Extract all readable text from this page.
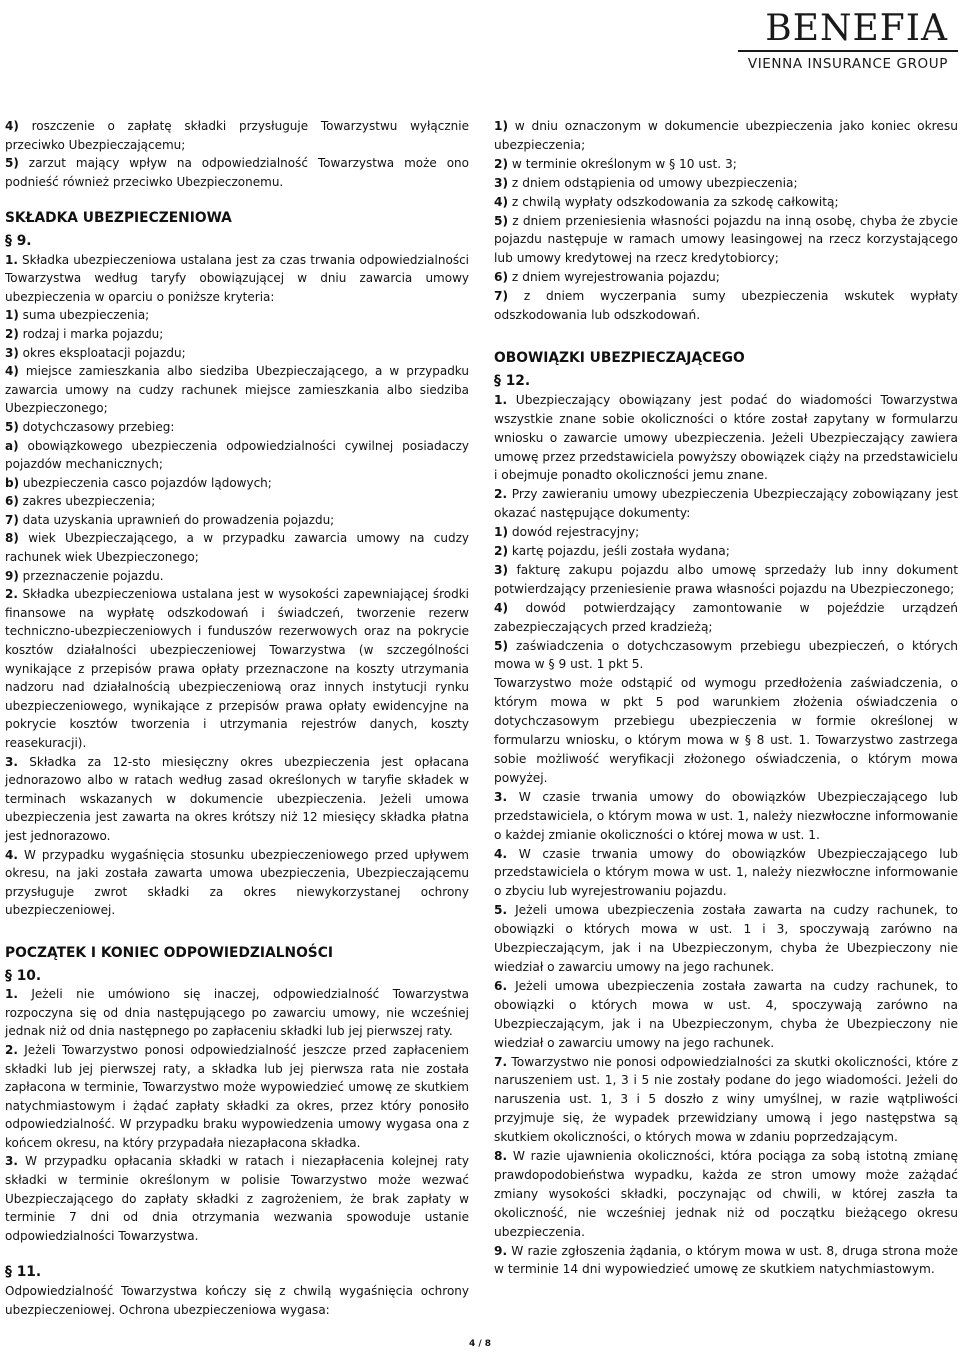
BENEFIA
VIENNA INSURANCE GROUP

4) roszczenie o zapłatę składki przysługuje Towarzystwu wyłącznie przeciwko Ubezpieczającemu;

5) zarzut mający wpływ na odpowiedzialność Towarzystwa może ono podnieść również przeciwko Ubezpieczonemu.

SKŁADKA UBEZPIECZENIOWA

§ 9.

1. Składka ubezpieczeniowa ustalana jest za czas trwania odpowiedzialności Towarzystwa według taryfy obowiązującej w dniu zawarcia umowy ubezpieczenia w oparciu o poniższe kryteria:

1) suma ubezpieczenia;

2) rodzaj i marka pojazdu;

3) okres eksploatacji pojazdu;

4) miejsce zamieszkania albo siedziba Ubezpieczającego, a w przypadku zawarcia umowy na cudzy rachunek miejsce zamieszkania albo siedziba Ubezpieczonego;

5) dotychczasowy przebieg:

a) obowiązkowego ubezpieczenia odpowiedzialności cywilnej posiadaczy pojazdów mechanicznych;

b) ubezpieczenia casco pojazdów lądowych;

6) zakres ubezpieczenia;

7) data uzyskania uprawnień do prowadzenia pojazdu;

8) wiek Ubezpieczającego, a w przypadku zawarcia umowy na cudzy rachunek wiek Ubezpieczonego;

9) przeznaczenie pojazdu.

2. Składka ubezpieczeniowa ustalana jest w wysokości zapewniającej środki finansowe na wypłatę odszkodowań i świadczeń, tworzenie rezerw techniczno-ubezpieczeniowych i funduszów rezerwowych oraz na pokrycie kosztów działalności ubezpieczeniowej Towarzystwa (w szczególności wynikające z przepisów prawa opłaty przeznaczone na koszty utrzymania nadzoru nad działalnością ubezpieczeniową oraz innych instytucji rynku ubezpieczeniowego, wynikające z przepisów prawa opłaty ewidencyjne na pokrycie kosztów tworzenia i utrzymania rejestrów danych, koszty reasekuracji).

3. Składka za 12-sto miesięczny okres ubezpieczenia jest opłacana jednorazowo albo w ratach według zasad określonych w taryfie składek w terminach wskazanych w dokumencie ubezpieczenia. Jeżeli umowa ubezpieczenia jest zawarta na okres krótszy niż 12 miesięcy składka płatna jest jednorazowo.

4. W przypadku wygaśnięcia stosunku ubezpieczeniowego przed upływem okresu, na jaki została zawarta umowa ubezpieczenia, Ubezpieczającemu przysługuje zwrot składki za okres niewykorzystanej ochrony ubezpieczeniowej.

POCZĄTEK I KONIEC ODPOWIEDZIALNOŚCI

§ 10.

1. Jeżeli nie umówiono się inaczej, odpowiedzialność Towarzystwa rozpoczyna się od dnia następującego po zawarciu umowy, nie wcześniej jednak niż od dnia następnego po zapłaceniu składki lub jej pierwszej raty.

2. Jeżeli Towarzystwo ponosi odpowiedzialność jeszcze przed zapłaceniem składki lub jej pierwszej raty, a składka lub jej pierwsza rata nie została zapłacona w terminie, Towarzystwo może wypowiedzieć umowę ze skutkiem natychmiastowym i żądać zapłaty składki za okres, przez który ponosiło odpowiedzialność. W przypadku braku wypowiedzenia umowy wygasa ona z końcem okresu, na który przypadała niezapłacona składka.

3. W przypadku opłacania składki w ratach i niezapłacenia kolejnej raty składki w terminie określonym w polisie Towarzystwo może wezwać Ubezpieczającego do zapłaty składki z zagrożeniem, że brak zapłaty w terminie 7 dni od dnia otrzymania wezwania spowoduje ustanie odpowiedzialności Towarzystwa.

§ 11.

Odpowiedzialność Towarzystwa kończy się z chwilą wygaśnięcia ochrony ubezpieczeniowej. Ochrona ubezpieczeniowa wygasa:

1) w dniu oznaczonym w dokumencie ubezpieczenia jako koniec okresu ubezpieczenia;

2) w terminie określonym w § 10 ust. 3;

3) z dniem odstąpienia od umowy ubezpieczenia;

4) z chwilą wypłaty odszkodowania za szkodę całkowitą;

5) z dniem przeniesienia własności pojazdu na inną osobę, chyba że zbycie pojazdu następuje w ramach umowy leasingowej na rzecz korzystającego lub umowy kredytowej na rzecz kredytobiorcy;

6) z dniem wyrejestrowania pojazdu;

7) z dniem wyczerpania sumy ubezpieczenia wskutek wypłaty odszkodowania lub odszkodowań.

OBOWIĄZKI UBEZPIECZAJĄCEGO

§ 12.

1. Ubezpieczający obowiązany jest podać do wiadomości Towarzystwa wszystkie znane sobie okoliczności o które został zapytany w formularzu wniosku o zawarcie umowy ubezpieczenia. Jeżeli Ubezpieczający zawiera umowę przez przedstawiciela powyższy obowiązek ciąży na przedstawicielu i obejmuje ponadto okoliczności jemu znane.

2. Przy zawieraniu umowy ubezpieczenia Ubezpieczający zobowiązany jest okazać następujące dokumenty:

1) dowód rejestracyjny;

2) kartę pojazdu, jeśli została wydana;

3) fakturę zakupu pojazdu albo umowę sprzedaży lub inny dokument potwierdzający przeniesienie prawa własności pojazdu na Ubezpieczonego;

4) dowód potwierdzający zamontowanie w pojeździe urządzeń zabezpieczających przed kradzieżą;

5) zaświadczenia o dotychczasowym przebiegu ubezpieczeń, o których mowa w § 9 ust. 1 pkt 5.

Towarzystwo może odstąpić od wymogu przedłożenia zaświadczenia, o którym mowa w pkt 5 pod warunkiem złożenia oświadczenia o dotychczasowym przebiegu ubezpieczenia w formie określonej w formularzu wniosku, o którym mowa w § 8 ust. 1. Towarzystwo zastrzega sobie możliwość weryfikacji złożonego oświadczenia, o którym mowa powyżej.

3. W czasie trwania umowy do obowiązków Ubezpieczającego lub przedstawiciela, o którym mowa w ust. 1, należy niezwłoczne informowanie o każdej zmianie okoliczności o której mowa w ust. 1.

4. W czasie trwania umowy do obowiązków Ubezpieczającego lub przedstawiciela o którym mowa w ust. 1, należy niezwłoczne informowanie o zbyciu lub wyrejestrowaniu pojazdu.

5. Jeżeli umowa ubezpieczenia została zawarta na cudzy rachunek, to obowiązki o których mowa w ust. 1 i 3, spoczywają zarówno na Ubezpieczającym, jak i na Ubezpieczonym, chyba że Ubezpieczony nie wiedział o zawarciu umowy na jego rachunek.

6. Jeżeli umowa ubezpieczenia została zawarta na cudzy rachunek, to obowiązki o których mowa w ust. 4, spoczywają zarówno na Ubezpieczającym, jak i na Ubezpieczonym, chyba że Ubezpieczony nie wiedział o zawarciu umowy na jego rachunek.

7. Towarzystwo nie ponosi odpowiedzialności za skutki okoliczności, które z naruszeniem ust. 1, 3 i 5 nie zostały podane do jego wiadomości. Jeżeli do naruszenia ust. 1, 3 i 5 doszło z winy umyślnej, w razie wątpliwości przyjmuje się, że wypadek przewidziany umową i jego następstwa są skutkiem okoliczności, o których mowa w zdaniu poprzedzającym.

8. W razie ujawnienia okoliczności, która pociąga za sobą istotną zmianę prawdopodobieństwa wypadku, każda ze stron umowy może zażądać zmiany wysokości składki, poczynając od chwili, w której zaszła ta okoliczność, nie wcześniej jednak niż od początku bieżącego okresu ubezpieczenia.

9. W razie zgłoszenia żądania, o którym mowa w ust. 8, druga strona może w terminie 14 dni wypowiedzieć umowę ze skutkiem natychmiastowym.

4 / 8
